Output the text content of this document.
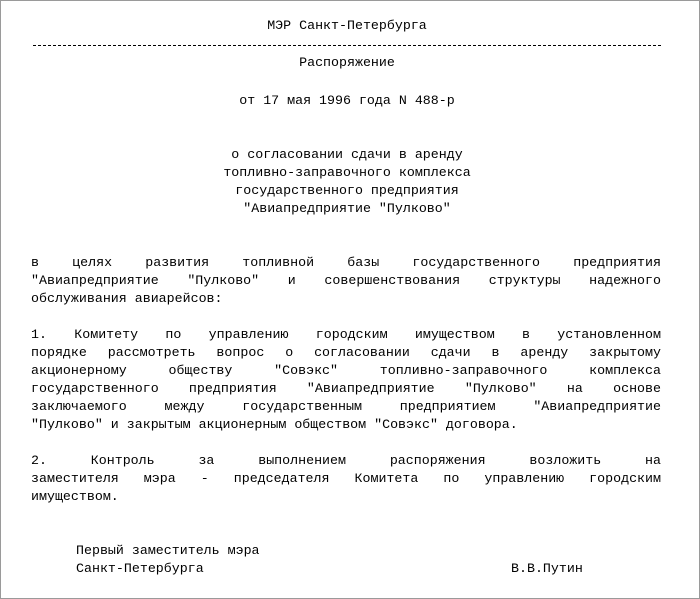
МЭР Санкт-Петербурга
Распоряжение
от 17 мая 1996 года N 488-р
о согласовании сдачи в аренду
топливно-заправочного комплекса
государственного предприятия
"Авиапредприятие "Пулково"
в целях развития топливной базы государственного предприятия
"Авиапредприятие "Пулково" и совершенствования структуры надежного
обслуживания авиарейсов:
1. Комитету по управлению городским имуществом в установленном
порядке рассмотреть вопрос о согласовании сдачи в аренду закрытому
акционерному обществу "Совэкс" топливно-заправочного комплекса
государственного предприятия "Авиапредприятие "Пулково" на основе
заключаемого между государственным предприятием "Авиапредприятие
"Пулково" и закрытым акционерным обществом "Совэкс" договора.
2. Контроль за выполнением распоряжения возложить на
заместителя мэра - председателя Комитета по управлению городским
имуществом.
Первый заместитель мэра
Санкт-Петербурга	В.В.Путин
